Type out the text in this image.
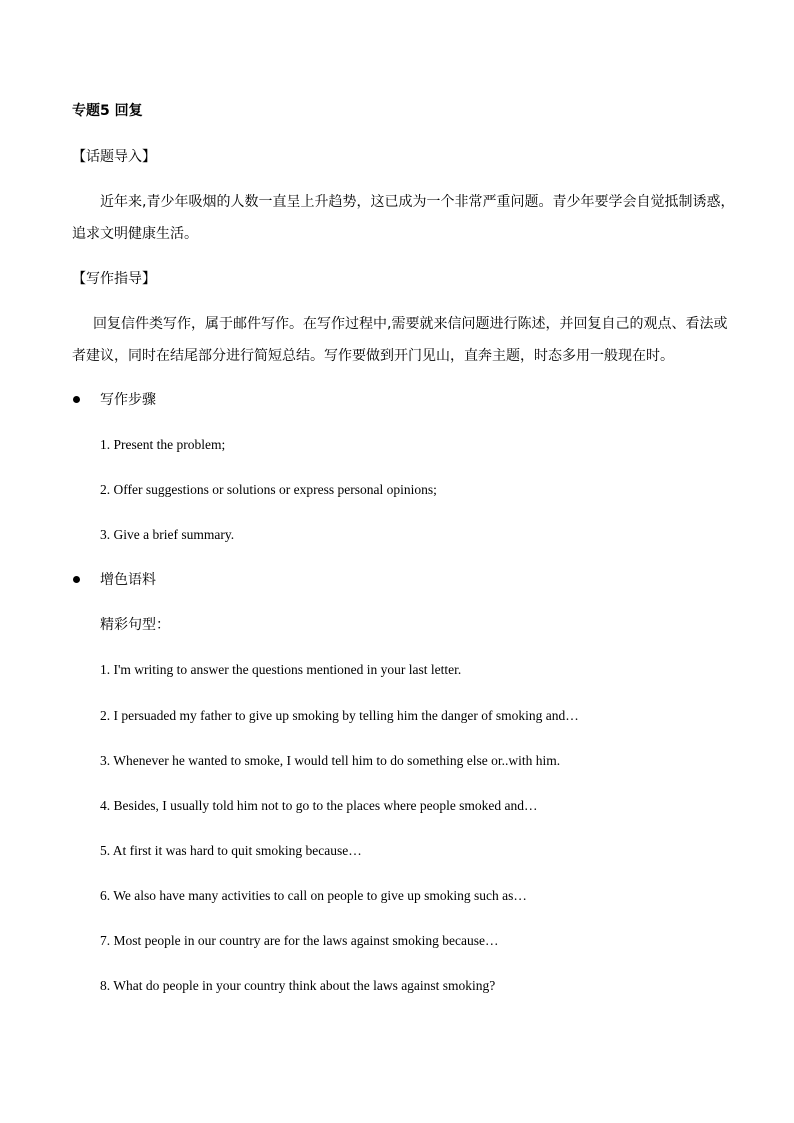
专题5 回复
【话题导入】
近年来,青少年吸烟的人数一直呈上升趋势，这已成为一个非常严重问题。青少年要学会自觉抵制诱惑，
追求文明健康生活。
【写作指导】
回复信件类写作，属于邮件写作。在写作过程中,需要就来信问题进行陈述，并回复自己的观点、看法或
者建议，同时在结尾部分进行简短总结。写作要做到开门见山，直奔主题，时态多用一般现在时。
写作步骤
1. Present the problem;
2. Offer suggestions or solutions or express personal opinions;
3. Give a brief summary.
增色语料
精彩句型：
1. I'm writing to answer the questions mentioned in your last letter.
2. I persuaded my father to give up smoking by telling him the danger of smoking and…
3. Whenever he wanted to smoke, I would tell him to do something else or..with him.
4. Besides, I usually told him not to go to the places where people smoked and…
5. At first it was hard to quit smoking because…
6. We also have many activities to call on people to give up smoking such as…
7. Most people in our country are for the laws against smoking because…
8. What do people in your country think about the laws against smoking?
